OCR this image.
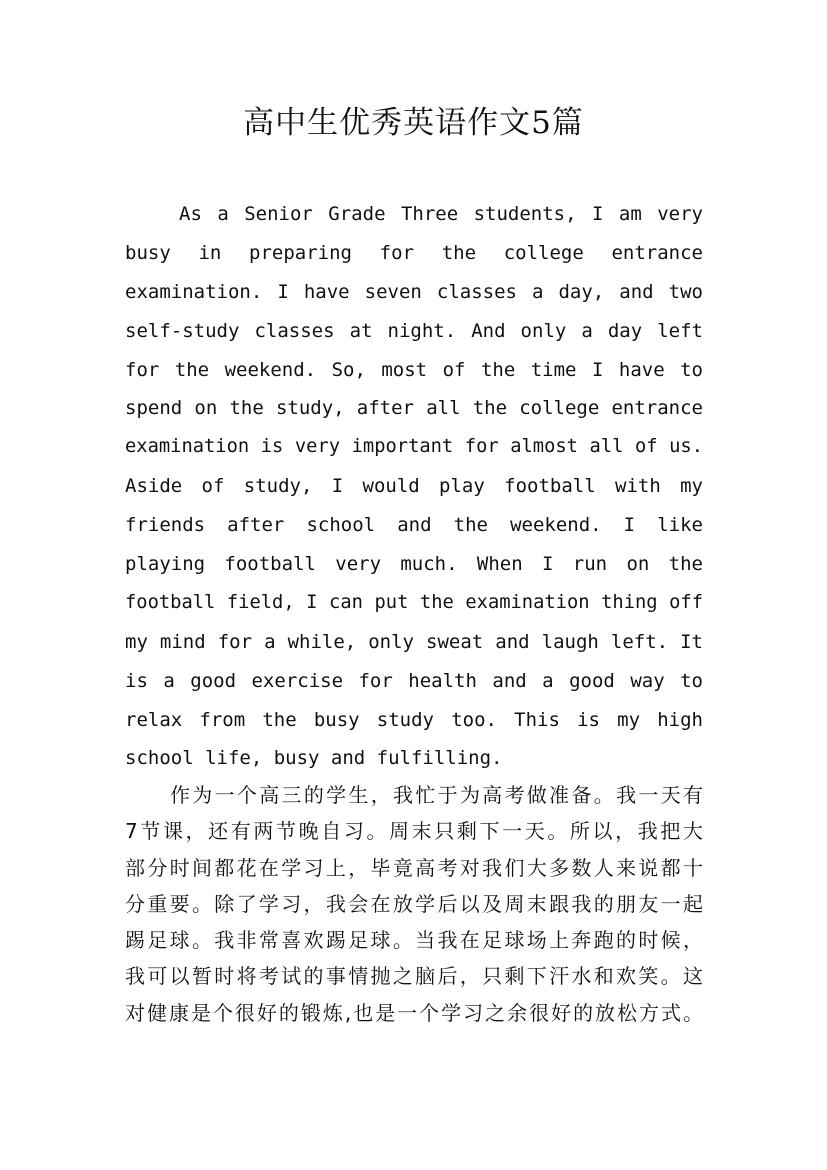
高中生优秀英语作文5篇
As a Senior Grade Three students, I am very
busy in preparing for the college entrance
examination. I have seven classes a day, and two
self-study classes at night. And only a day left
for the weekend. So, most of the time I have to
spend on the study, after all the college entrance
examination is very important for almost all of us.
Aside of study, I would play football with my
friends after school and the weekend. I like
playing football very much. When I run on the
football field, I can put the examination thing off
my mind for a while, only sweat and laugh left. It
is a good exercise for health and a good way to
relax from the busy study too. This is my high
school life, busy and fulfilling.
作为一个高三的学生，我忙于为高考做准备。我一天有
7节课，还有两节晚自习。周末只剩下一天。所以，我把大
部分时间都花在学习上，毕竟高考对我们大多数人来说都十
分重要。除了学习，我会在放学后以及周末跟我的朋友一起
踢足球。我非常喜欢踢足球。当我在足球场上奔跑的时候，
我可以暂时将考试的事情抛之脑后，只剩下汗水和欢笑。这
对健康是个很好的锻炼,也是一个学习之余很好的放松方式。
